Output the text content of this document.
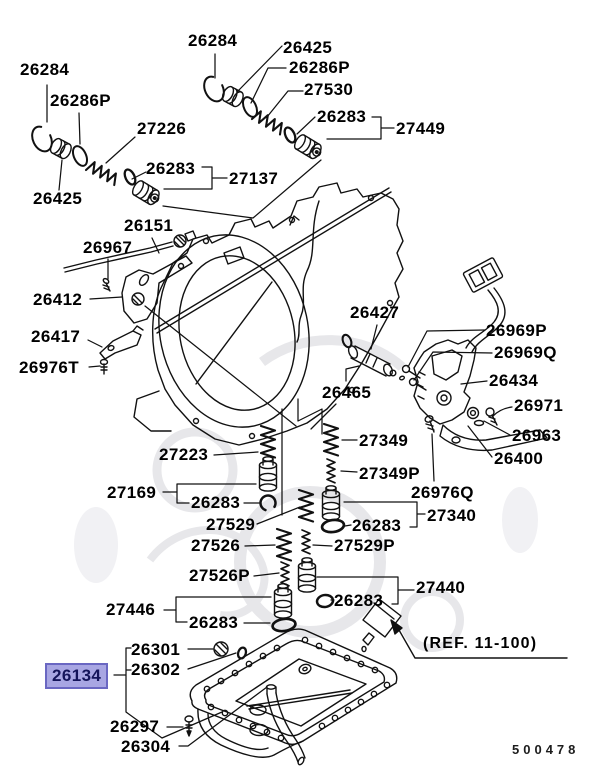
26284
26286P
27226
26283
27137
26425
26284	26425
26286P
27530
26283
27449
26151
26967
26412
26417
26976T
26427
26969P
26969Q
26434
26971
26963
26400
26465
27223
27349
27349P
27169
26283
26976Q
27340
27529	26283
27526	27529P
27526P
27440
26283
27446
26283
26301
26302
26134
26297
26304
(REF. 11-100)
500478
